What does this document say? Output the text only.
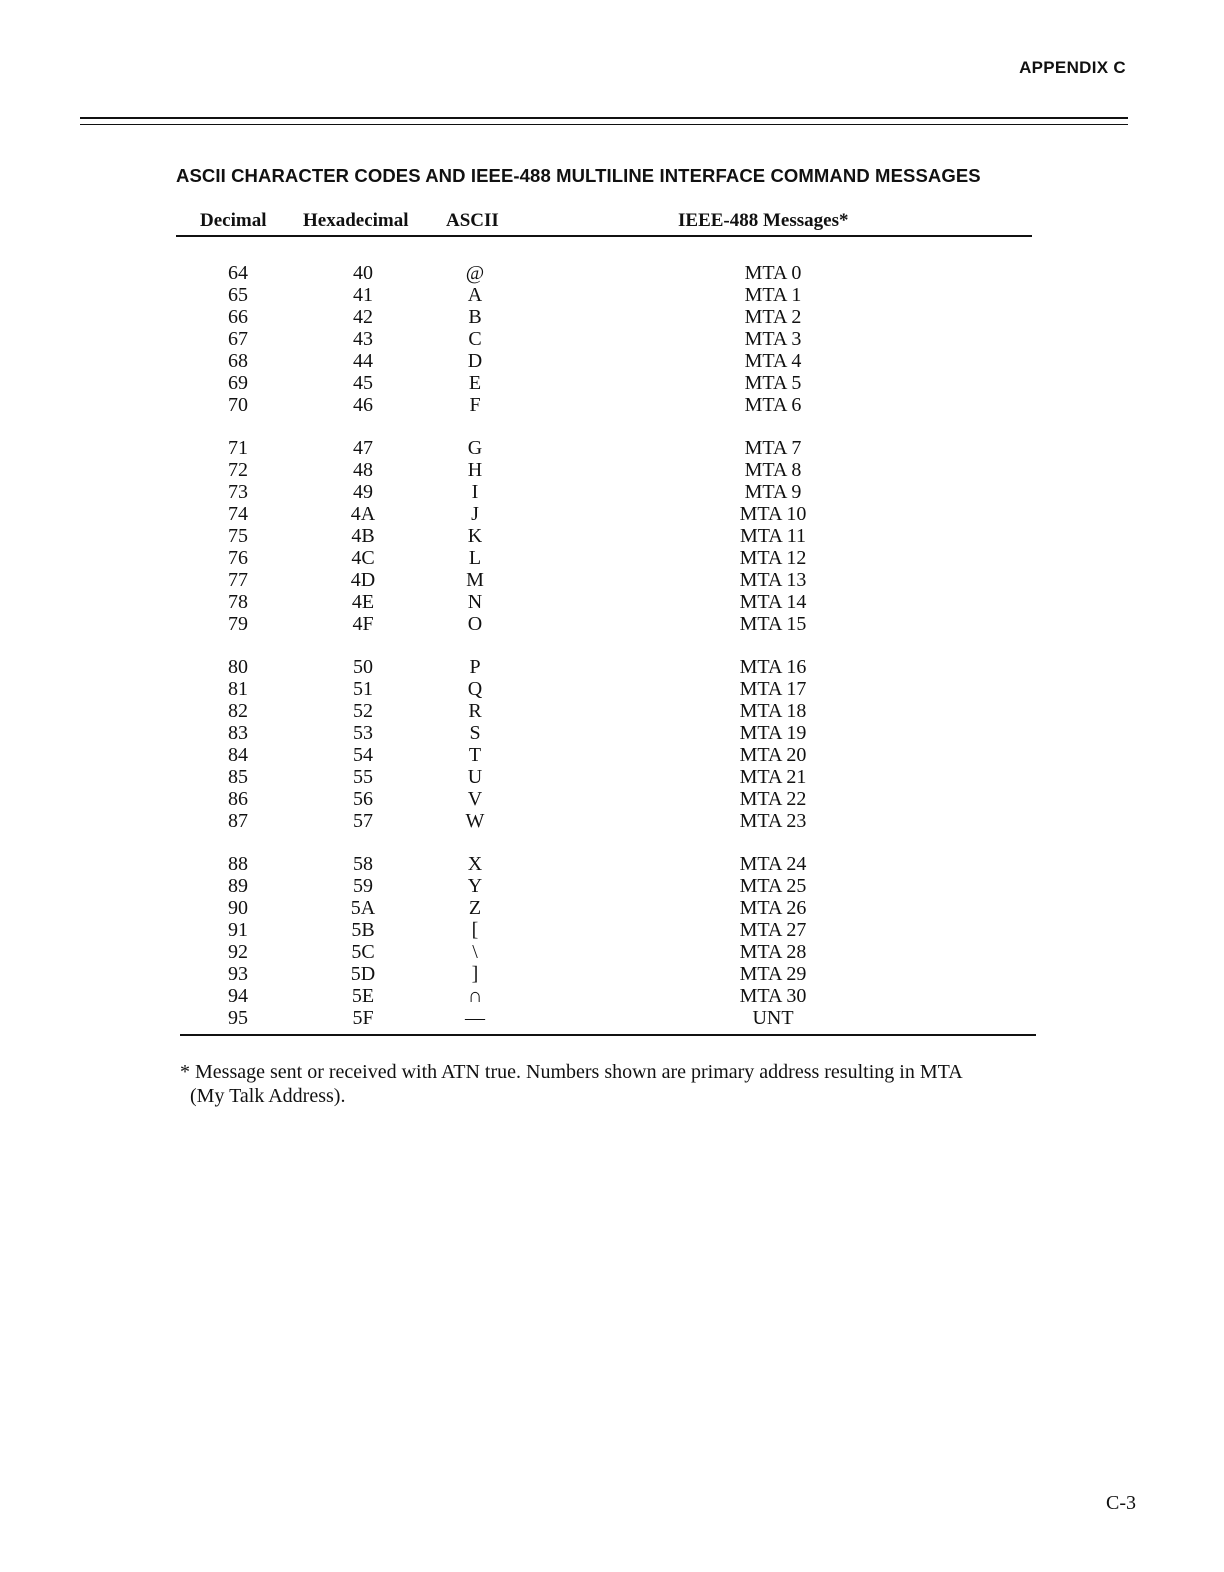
APPENDIX C
ASCII CHARACTER CODES AND IEEE-488 MULTILINE INTERFACE COMMAND MESSAGES
Decimal Hexadecimal ASCII	IEEE-488 Messages*
64	40	@	MTA 0
65	41	A	MTA 1
66	42	B	MTA 2
67	43	C	MTA 3
68	44	D	MTA 4
69	45	E	MTA 5
70	46	F	MTA 6
71	47	G	MTA 7
72	48	H	MTA 8
73	49	I	MTA 9
74	4A	J	MTA 10
75	4B	K	MTA 11
76	4C	L	MTA 12
77	4D	M	MTA 13
78	4E	N	MTA 14
79	4F	O	MTA 15
80	50	P	MTA 16
81	51	Q	MTA 17
82	52	R	MTA 18
83	53	S	MTA 19
84	54	T	MTA 20
85	55	U	MTA 21
86	56	V	MTA 22
87	57	W	MTA 23
88	58	X	MTA 24
89	59	Y	MTA 25
90	5A	Z	MTA 26
91	5B	[	MTA 27
92	5C	\	MTA 28
93	5D	]	MTA 29
94	5E	∩	MTA 30
95	5F	—	UNT
* Message sent or received with ATN true. Numbers shown are primary address resulting in MTA
(My Talk Address).
C-3
